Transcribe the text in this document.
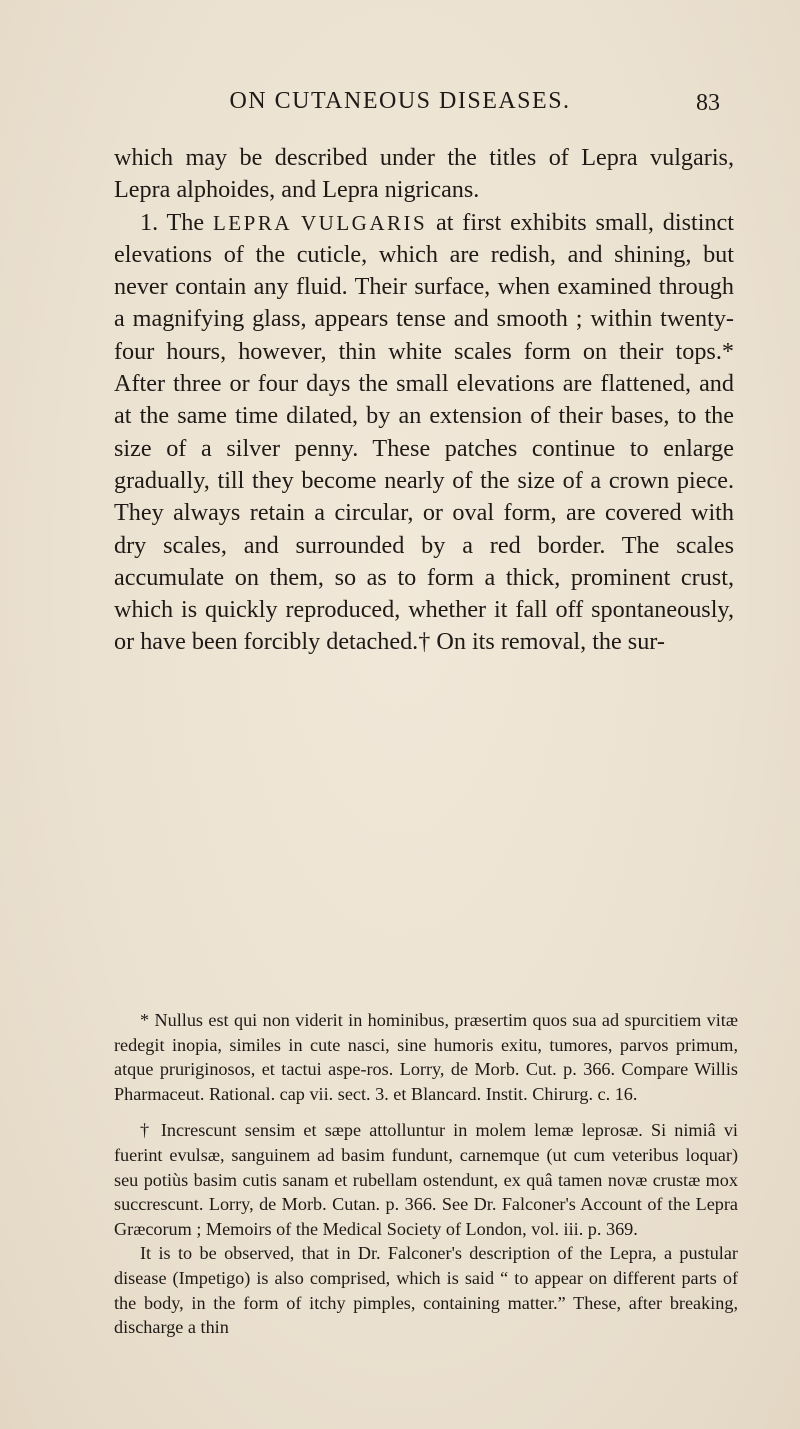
ON CUTANEOUS DISEASES.	83

which may be described under the titles of Lepra vulgaris, Lepra alphoides, and Lepra nigricans.

1. The LEPRA VULGARIS at first exhibits small, distinct elevations of the cuticle, which are redish, and shining, but never contain any fluid. Their surface, when examined through a magnifying glass, appears tense and smooth ; within twenty-four hours, however, thin white scales form on their tops.* After three or four days the small elevations are flattened, and at the same time dilated, by an extension of their bases, to the size of a silver penny. These patches continue to enlarge gradually, till they become nearly of the size of a crown piece. They always retain a circular, or oval form, are covered with dry scales, and surrounded by a red border. The scales accumulate on them, so as to form a thick, prominent crust, which is quickly reproduced, whether it fall off spontaneously, or have been forcibly detached.† On its removal, the sur-

* Nullus est qui non viderit in hominibus, præsertim quos sua ad spurcitiem vitæ redegit inopia, similes in cute nasci, sine humoris exitu, tumores, parvos primum, atque pruriginosos, et tactui aspe-ros. Lorry, de Morb. Cut. p. 366. Compare Willis Pharmaceut. Rational. cap vii. sect. 3. et Blancard. Instit. Chirurg. c. 16.

† Increscunt sensim et sæpe attolluntur in molem lemæ leprosæ. Si nimiâ vi fuerint evulsæ, sanguinem ad basim fundunt, carnemque (ut cum veteribus loquar) seu potiùs basim cutis sanam et rubellam ostendunt, ex quâ tamen novæ crustæ mox succrescunt. Lorry, de Morb. Cutan. p. 366. See Dr. Falconer's Account of the Lepra Græcorum ; Memoirs of the Medical Society of London, vol. iii. p. 369.

It is to be observed, that in Dr. Falconer's description of the Lepra, a pustular disease (Impetigo) is also comprised, which is said “ to appear on different parts of the body, in the form of itchy pimples, containing matter.” These, after breaking, discharge a thin
